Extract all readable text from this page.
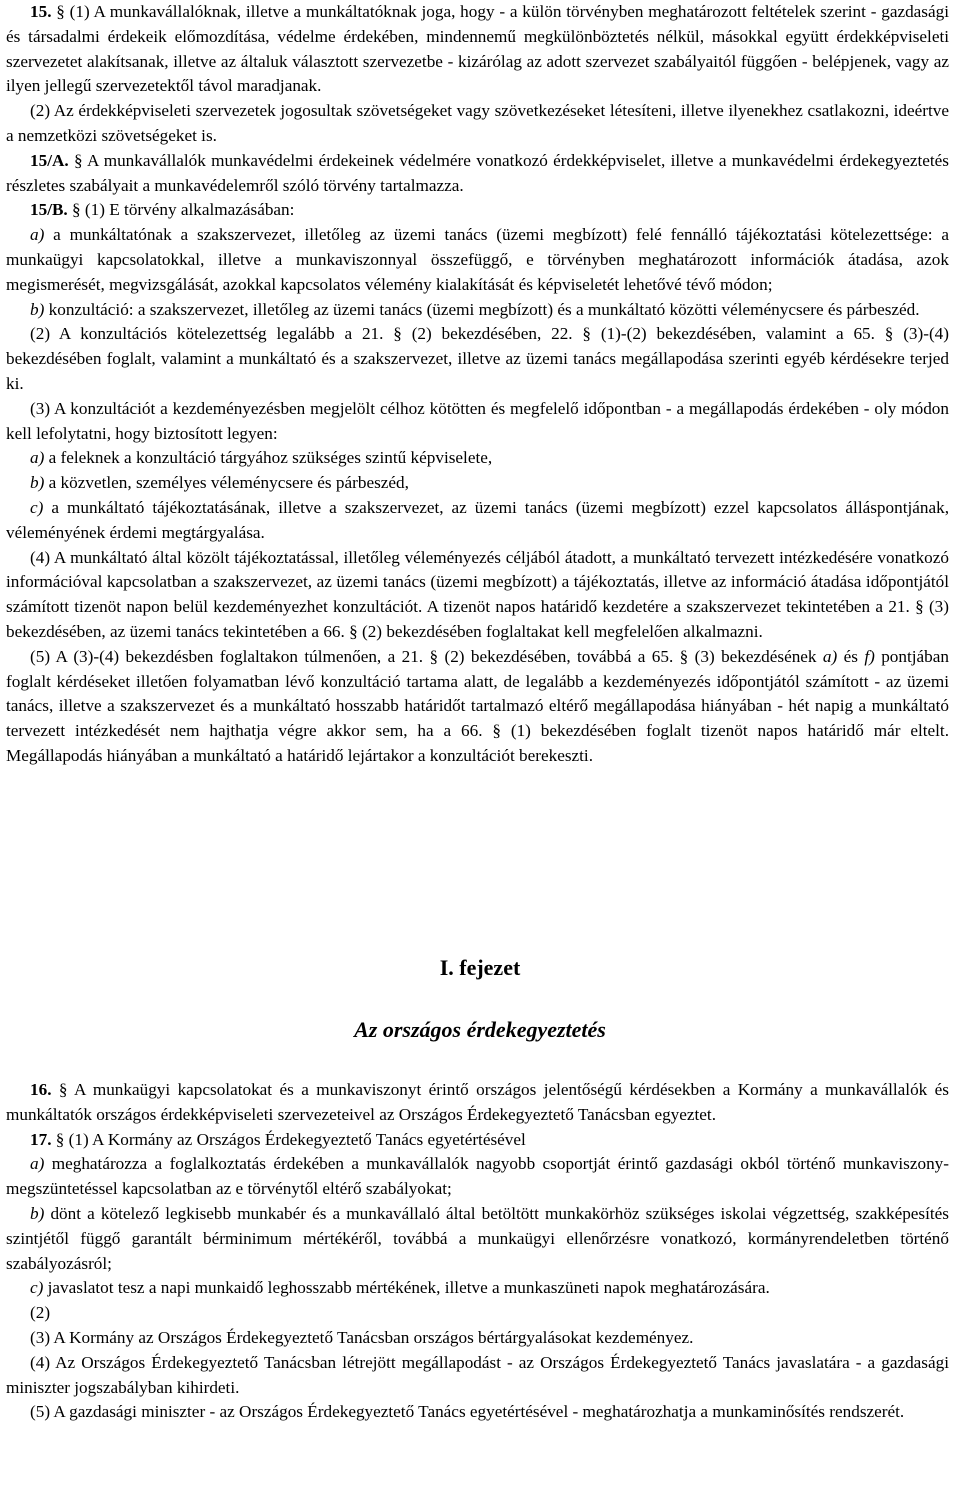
15. § (1) A munkavállalóknak, illetve a munkáltatóknak joga, hogy - a külön törvényben meghatározott feltételek szerint - gazdasági és társadalmi érdekeik előmozdítása, védelme érdekében, mindennemű megkülönböztetés nélkül, másokkal együtt érdekképviseleti szervezetet alakítsanak, illetve az általuk választott szervezetbe - kizárólag az adott szervezet szabályaitól függően - belépjenek, vagy az ilyen jellegű szervezetektől távol maradjanak.

(2) Az érdekképviseleti szervezetek jogosultak szövetségeket vagy szövetkezéseket létesíteni, illetve ilyenekhez csatlakozni, ideértve a nemzetközi szövetségeket is.

15/A. § A munkavállalók munkavédelmi érdekeinek védelmére vonatkozó érdekképviselet, illetve a munkavédelmi érdekegyeztetés részletes szabályait a munkavédelemről szóló törvény tartalmazza.

15/B. § (1) E törvény alkalmazásában:

a) a munkáltatónak a szakszervezet, illetőleg az üzemi tanács (üzemi megbízott) felé fennálló tájékoztatási kötelezettsége: a munkaügyi kapcsolatokkal, illetve a munkaviszonnyal összefüggő, e törvényben meghatározott információk átadása, azok megismerését, megvizsgálását, azokkal kapcsolatos vélemény kialakítását és képviseletét lehetővé tévő módon;

b) konzultáció: a szakszervezet, illetőleg az üzemi tanács (üzemi megbízott) és a munkáltató közötti véleménycsere és párbeszéd.

(2) A konzultációs kötelezettség legalább a 21. § (2) bekezdésében, 22. § (1)-(2) bekezdésében, valamint a 65. § (3)-(4) bekezdésében foglalt, valamint a munkáltató és a szakszervezet, illetve az üzemi tanács megállapodása szerinti egyéb kérdésekre terjed ki.

(3) A konzultációt a kezdeményezésben megjelölt célhoz kötötten és megfelelő időpontban - a megállapodás érdekében - oly módon kell lefolytatni, hogy biztosított legyen:

a) a feleknek a konzultáció tárgyához szükséges szintű képviselete,

b) a közvetlen, személyes véleménycsere és párbeszéd,

c) a munkáltató tájékoztatásának, illetve a szakszervezet, az üzemi tanács (üzemi megbízott) ezzel kapcsolatos álláspontjának, véleményének érdemi megtárgyalása.

(4) A munkáltató által közölt tájékoztatással, illetőleg véleményezés céljából átadott, a munkáltató tervezett intézkedésére vonatkozó információval kapcsolatban a szakszervezet, az üzemi tanács (üzemi megbízott) a tájékoztatás, illetve az információ átadása időpontjától számított tizenöt napon belül kezdeményezhet konzultációt. A tizenöt napos határidő kezdetére a szakszervezet tekintetében a 21. § (3) bekezdésében, az üzemi tanács tekintetében a 66. § (2) bekezdésében foglaltakat kell megfelelően alkalmazni.

(5) A (3)-(4) bekezdésben foglaltakon túlmenően, a 21. § (2) bekezdésében, továbbá a 65. § (3) bekezdésének a) és f) pontjában foglalt kérdéseket illetően folyamatban lévő konzultáció tartama alatt, de legalább a kezdeményezés időpontjától számított - az üzemi tanács, illetve a szakszervezet és a munkáltató hosszabb határidőt tartalmazó eltérő megállapodása hiányában - hét napig a munkáltató tervezett intézkedését nem hajthatja végre akkor sem, ha a 66. § (1) bekezdésében foglalt tizenöt napos határidő már eltelt. Megállapodás hiányában a munkáltató a határidő lejártakor a konzultációt berekeszti.

I. fejezet
Az országos érdekegyeztetés

16. § A munkaügyi kapcsolatokat és a munkaviszonyt érintő országos jelentőségű kérdésekben a Kormány a munkavállalók és munkáltatók országos érdekképviseleti szervezeteivel az Országos Érdekegyeztető Tanácsban egyeztet.

17. § (1) A Kormány az Országos Érdekegyeztető Tanács egyetértésével

a) meghatározza a foglalkoztatás érdekében a munkavállalók nagyobb csoportját érintő gazdasági okból történő munkaviszony-megszüntetéssel kapcsolatban az e törvénytől eltérő szabályokat;

b) dönt a kötelező legkisebb munkabér és a munkavállaló által betöltött munkakörhöz szükséges iskolai végzettség, szakképesítés szintjétől függő garantált bérminimum mértékéről, továbbá a munkaügyi ellenőrzésre vonatkozó, kormányrendeletben történő szabályozásról;

c) javaslatot tesz a napi munkaidő leghosszabb mértékének, illetve a munkaszüneti napok meghatározására.

(2)

(3) A Kormány az Országos Érdekegyeztető Tanácsban országos bértárgyalásokat kezdeményez.

(4) Az Országos Érdekegyeztető Tanácsban létrejött megállapodást - az Országos Érdekegyeztető Tanács javaslatára - a gazdasági miniszter jogszabályban kihirdeti.

(5) A gazdasági miniszter - az Országos Érdekegyeztető Tanács egyetértésével - meghatározhatja a munkaminősítés rendszerét.
